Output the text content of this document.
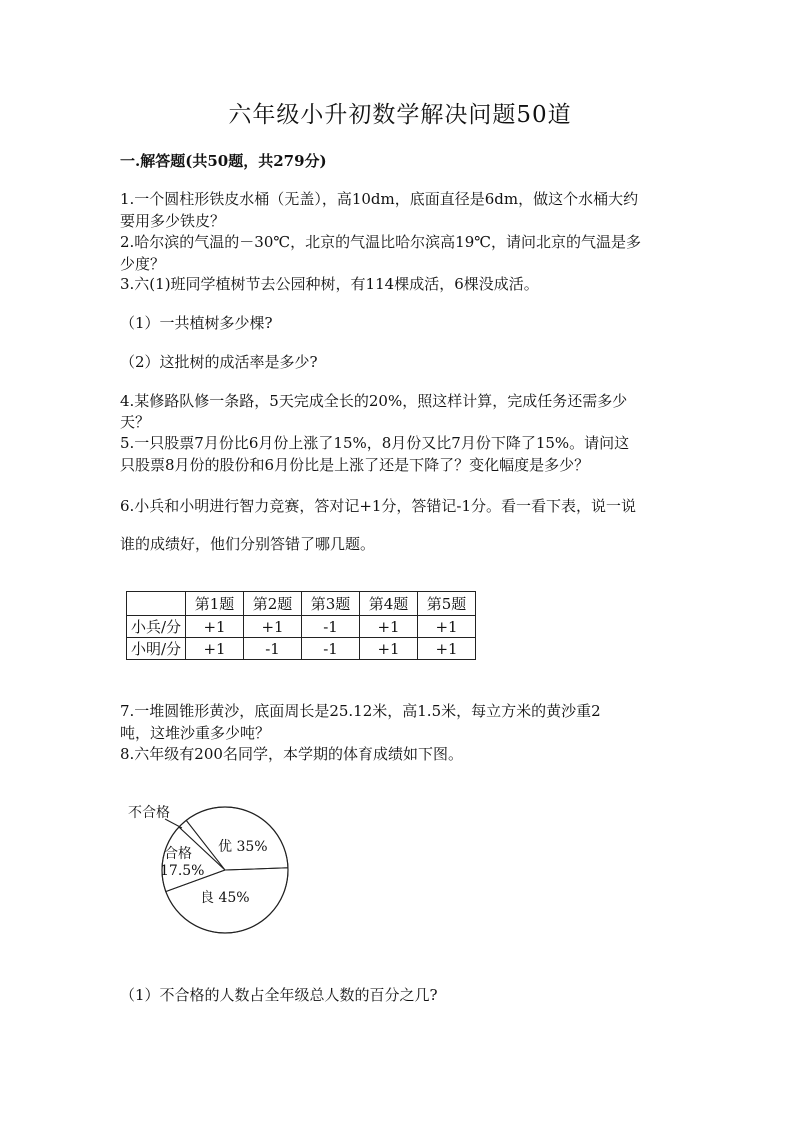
六年级小升初数学解决问题50道
一.解答题(共50题，共279分)
1.一个圆柱形铁皮水桶（无盖），高10dm，底面直径是6dm，做这个水桶大约
要用多少铁皮？
2.哈尔滨的气温的－30℃，北京的气温比哈尔滨高19℃，请问北京的气温是多
少度？
3.六(1)班同学植树节去公园种树，有114棵成活，6棵没成活。
（1）一共植树多少棵?
（2）这批树的成活率是多少?
4.某修路队修一条路，5天完成全长的20%，照这样计算，完成任务还需多少
天？
5.一只股票7月份比6月份上涨了15%，8月份又比7月份下降了15%。请问这
只股票8月份的股份和6月份比是上涨了还是下降了？变化幅度是多少？
6.小兵和小明进行智力竞赛，答对记+1分，答错记-1分。看一看下表，说一说
谁的成绩好，他们分别答错了哪几题。
	第1题	第2题	第3题	第4题	第5题
小兵/分	+1	+1	-1	+1	+1
小明/分	+1	-1	-1	+1	+1
7.一堆圆锥形黄沙，底面周长是25.12米，高1.5米，每立方米的黄沙重2
吨，这堆沙重多少吨？
8.六年级有200名同学，本学期的体育成绩如下图。
不合格
合格
17.5%
优 35%
良 45%
（1）不合格的人数占全年级总人数的百分之几?
